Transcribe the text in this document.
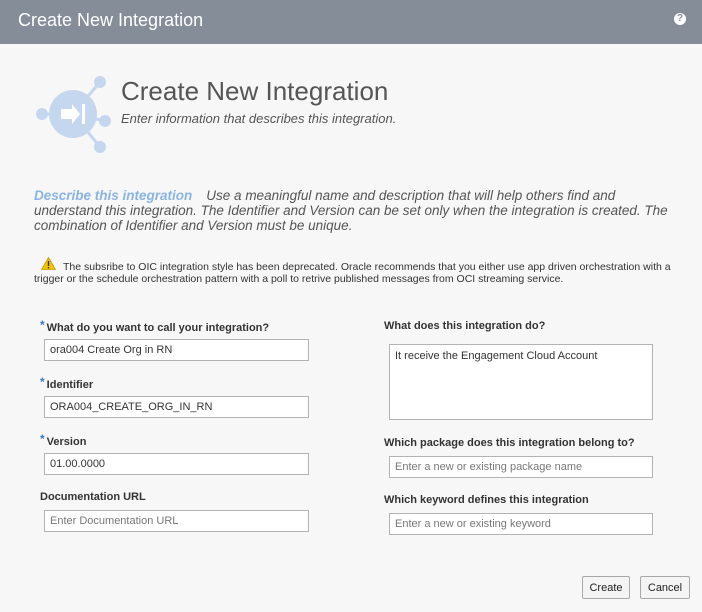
Create New Integration	?
Create New Integration
Enter information that describes this integration.
Describe this integration Use a meaningful name and description that will help others find and understand this integration. The Identifier and Version can be set only when the integration is created. The combination of Identifier and Version must be unique.
The subsribe to OIC integration style has been deprecated. Oracle recommends that you either use app driven orchestration with a trigger or the schedule orchestration pattern with a poll to retrive published messages from OCI streaming service.
* What do you want to call your integration?
ora004 Create Org in RN
* Identifier
ORA004_CREATE_ORG_IN_RN
* Version
01.00.0000
Documentation URL
Enter Documentation URL
What does this integration do?
It receive the Engagement Cloud Account
Which package does this integration belong to?
Enter a new or existing package name
Which keyword defines this integration
Enter a new or existing keyword
Create	Cancel
